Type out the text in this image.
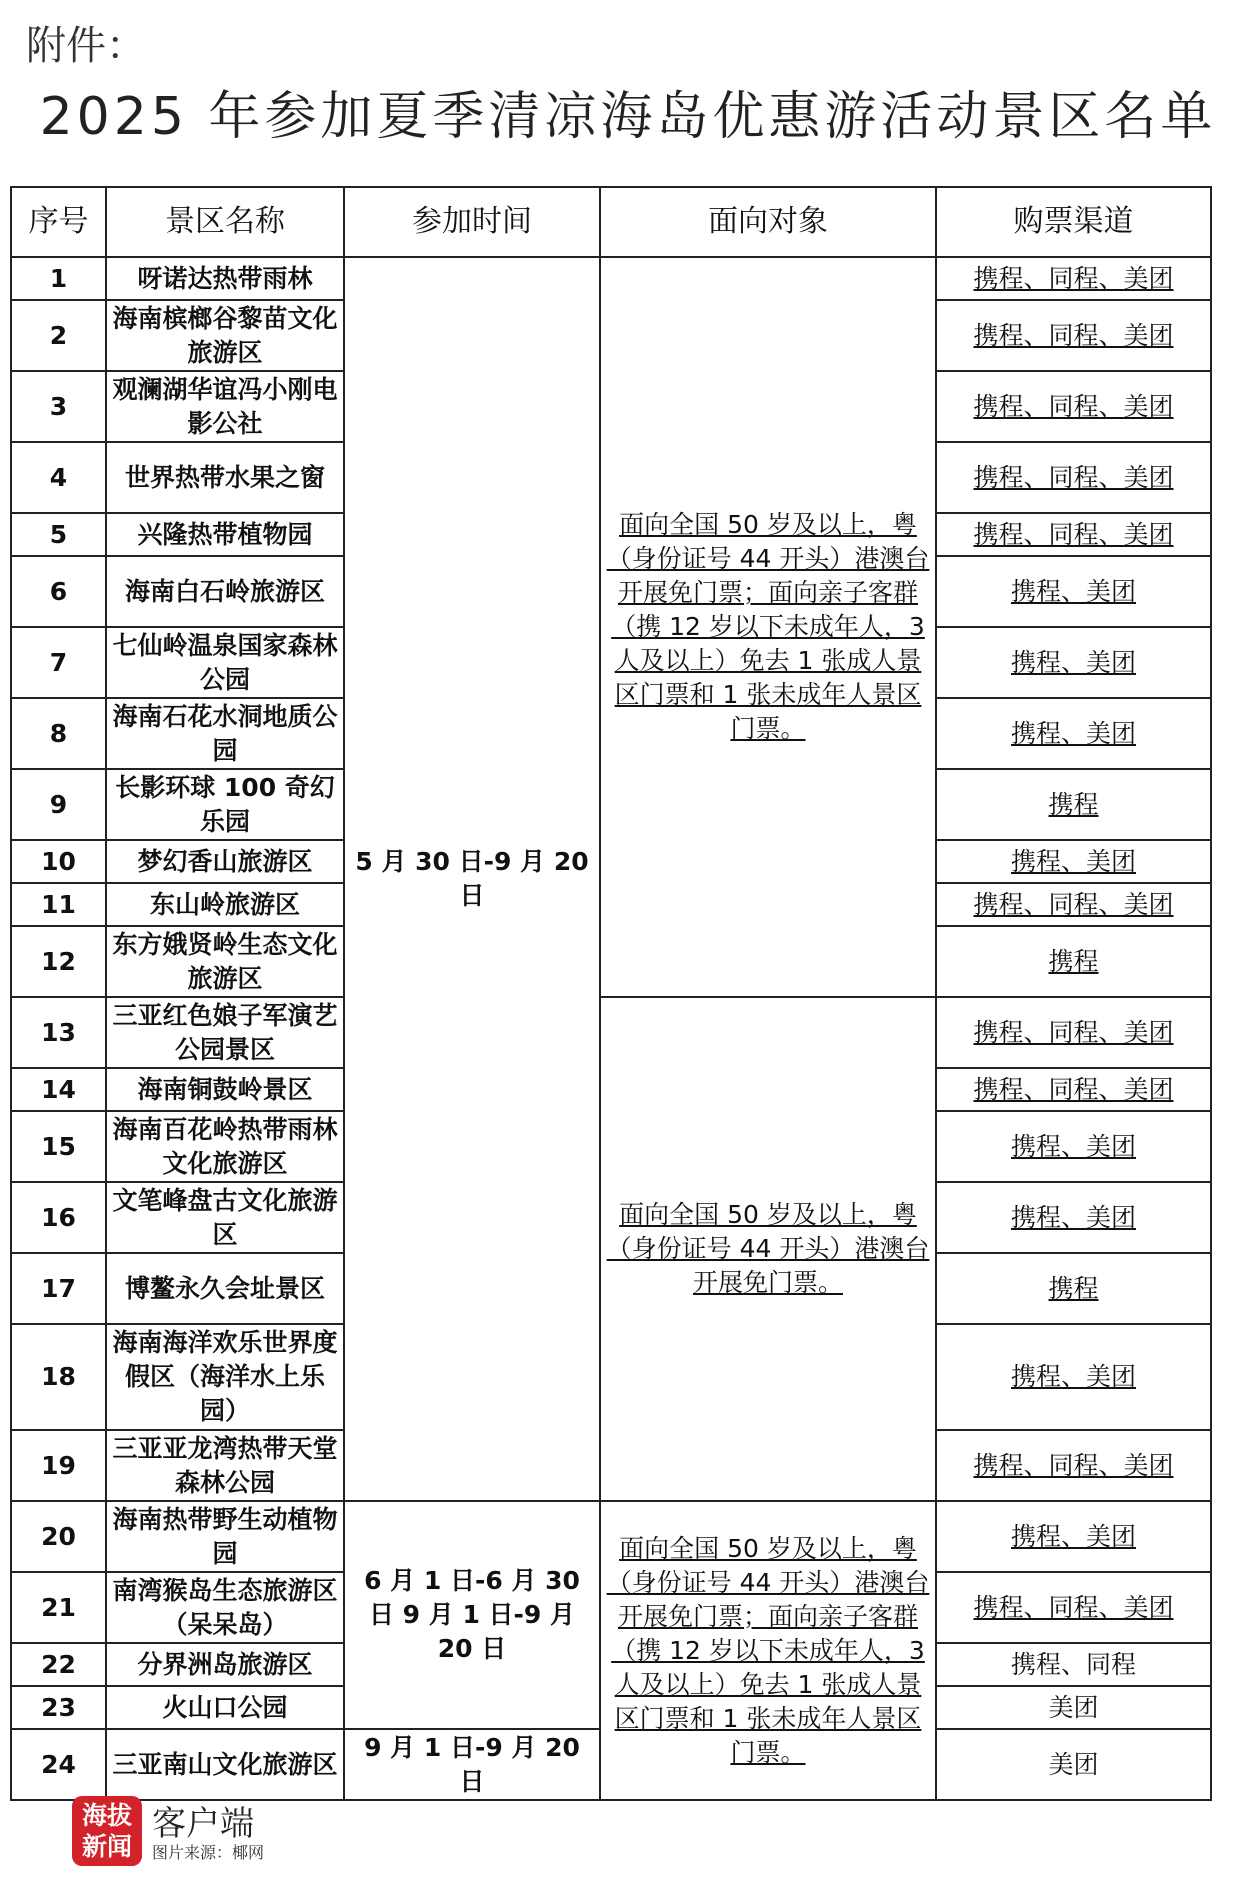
附件：
2025 年参加夏季清凉海岛优惠游活动景区名单
序号	景区名称	参加时间	面向对象	购票渠道
1	呀诺达热带雨林	5 月 30 日-9 月 20 日	面向全国 50 岁及以上，粤（身份证号 44 开头）港澳台开展免门票；面向亲子客群（携 12 岁以下未成年人，3 人及以上）免去 1 张成人景区门票和 1 张未成年人景区门票。	携程、同程、美团
2	海南槟榔谷黎苗文化旅游区			携程、同程、美团
3	观澜湖华谊冯小刚电影公社			携程、同程、美团
4	世界热带水果之窗			携程、同程、美团
5	兴隆热带植物园			携程、同程、美团
6	海南白石岭旅游区			携程、美团
7	七仙岭温泉国家森林公园			携程、美团
8	海南石花水洞地质公园			携程、美团
9	长影环球 100 奇幻乐园			携程
10	梦幻香山旅游区			携程、美团
11	东山岭旅游区			携程、同程、美团
12	东方娥贤岭生态文化旅游区			携程
13	三亚红色娘子军演艺公园景区		面向全国 50 岁及以上，粤（身份证号 44 开头）港澳台开展免门票。	携程、同程、美团
14	海南铜鼓岭景区			携程、同程、美团
15	海南百花岭热带雨林文化旅游区			携程、美团
16	文笔峰盘古文化旅游区			携程、美团
17	博鳌永久会址景区			携程
18	海南海洋欢乐世界度假区（海洋水上乐园）			携程、美团
19	三亚亚龙湾热带天堂森林公园			携程、同程、美团
20	海南热带野生动植物园	6 月 1 日-6 月 30 日 9 月 1 日-9 月 20 日	面向全国 50 岁及以上，粤（身份证号 44 开头）港澳台开展免门票；面向亲子客群（携 12 岁以下未成年人，3 人及以上）免去 1 张成人景区门票和 1 张未成年人景区门票。	携程、美团
21	南湾猴岛生态旅游区（呆呆岛）			携程、同程、美团
22	分界洲岛旅游区			携程、同程
23	火山口公园			美团
24	三亚南山文化旅游区	9 月 1 日-9 月 20 日		美团
海拔新闻
客户端
图片来源：椰网
